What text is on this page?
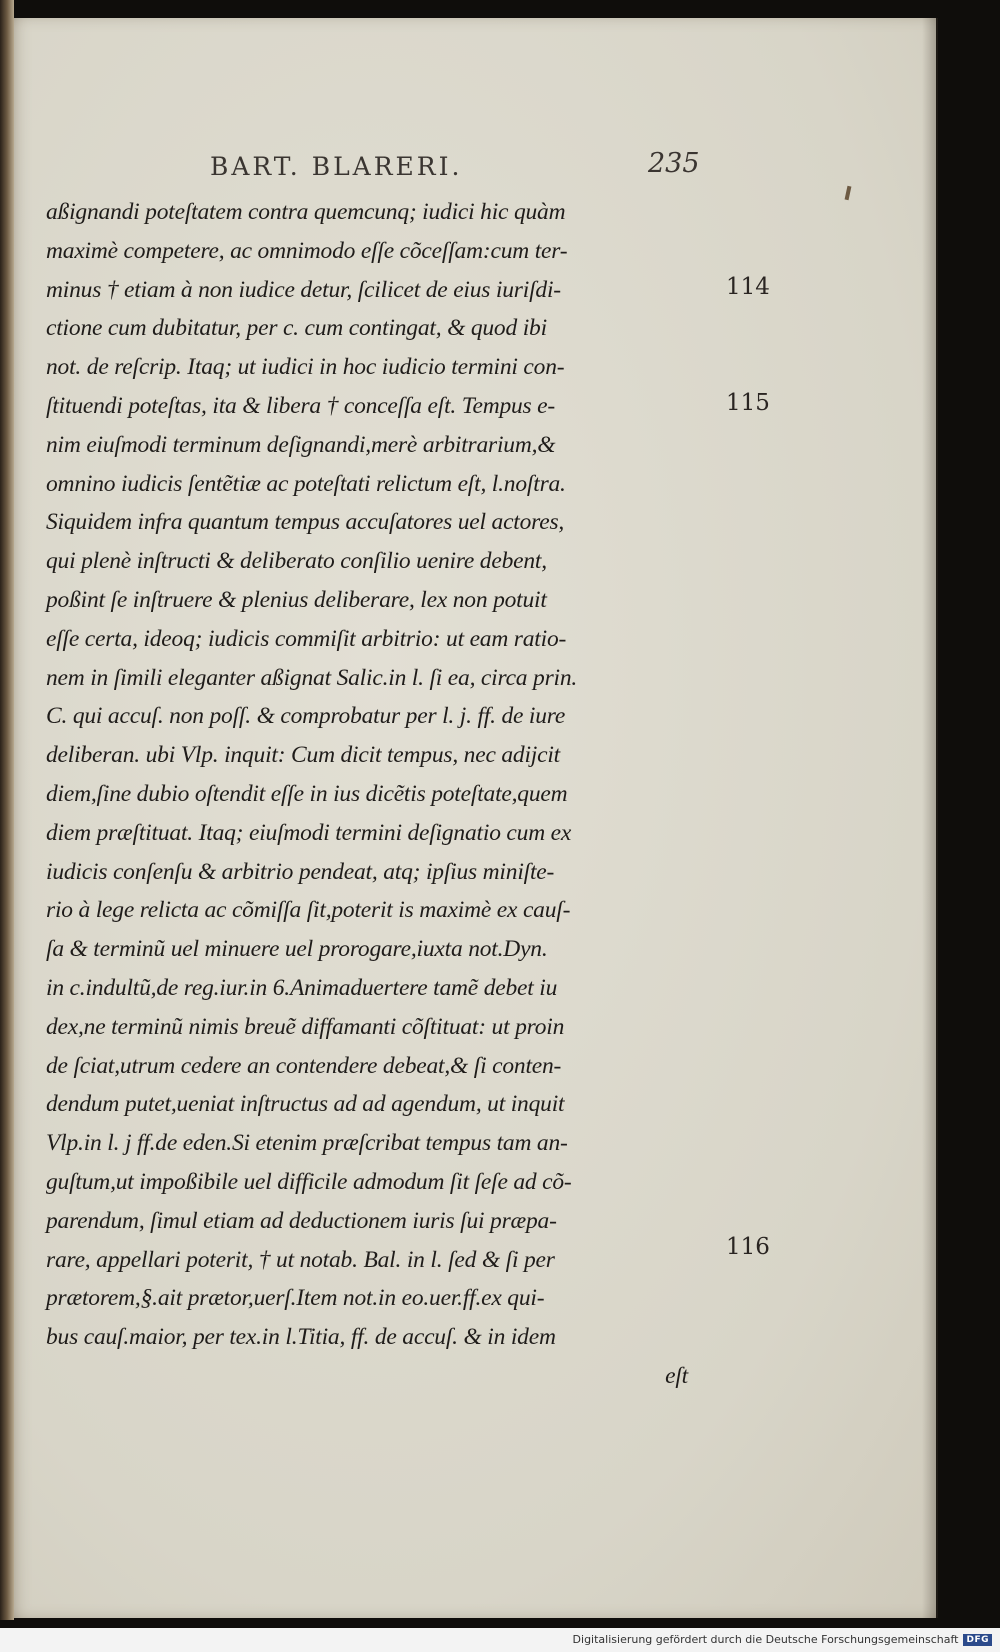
BART. BLARERI.	235
aßignandi poteſtatem contra quemcunq; iudici hic quàm
maximè competere, ac omnimodo eſſe cõceſſam:cum ter-
minus † etiam à non iudice detur, ſcilicet de eius iuriſdi-
ctione cum dubitatur, per c. cum contingat, & quod ibi
not. de reſcrip. Itaq; ut iudici in hoc iudicio termini con-
ſtituendi poteſtas, ita & libera † conceſſa eſt. Tempus e-
nim eiuſmodi terminum deſignandi,merè arbitrarium,&
omnino iudicis ſentẽtiæ ac poteſtati relictum eſt, l.noſtra.
Siquidem infra quantum tempus accuſatores uel actores,
qui plenè inſtructi & deliberato conſilio uenire debent,
poßint ſe inſtruere & plenius deliberare, lex non potuit
eſſe certa, ideoq; iudicis commiſit arbitrio: ut eam ratio-
nem in ſimili eleganter aßignat Salic.in l. ſi ea, circa prin.
C. qui accuſ. non poſſ. & comprobatur per l. j. ff. de iure
deliberan. ubi Vlp. inquit: Cum dicit tempus, nec adijcit
diem,ſine dubio oſtendit eſſe in ius dicẽtis poteſtate,quem
diem præſtituat. Itaq; eiuſmodi termini deſignatio cum ex
iudicis conſenſu & arbitrio pendeat, atq; ipſius miniſte-
rio à lege relicta ac cõmiſſa ſit,poterit is maximè ex cauſ-
ſa & terminũ uel minuere uel prorogare,iuxta not.Dyn.
in c.indultũ,de reg.iur.in 6.Animaduertere tamẽ debet iu
dex,ne terminũ nimis breuẽ diffamanti cõſtituat: ut proin
de ſciat,utrum cedere an contendere debeat,& ſi conten-
dendum putet,ueniat inſtructus ad ad agendum, ut inquit
Vlp.in l. j ff.de eden.Si etenim præſcribat tempus tam an-
guſtum,ut impoßibile uel difficile admodum ſit ſeſe ad cõ-
parendum, ſimul etiam ad deductionem iuris ſui præpa-
rare, appellari poterit, † ut notab. Bal. in l. ſed & ſi per
prætorem,§.ait prætor,uerſ.Item not.in eo.uer.ff.ex qui-
bus cauſ.maior, per tex.in l.Titia, ff. de accuſ. & in idem
eſt
114
115
116
Digitalisierung gefördert durch die Deutsche Forschungsgemeinschaft DFG
